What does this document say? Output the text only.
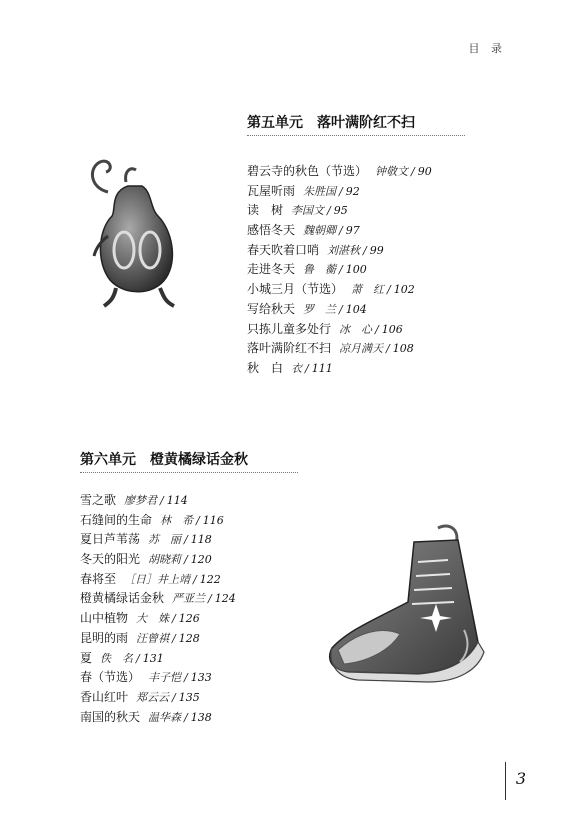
目 录
第五单元 落叶满阶红不扫
碧云寺的秋色（节选） 钟敬文 / 90
瓦屋听雨 朱胜国 / 92
读　树 李国文 / 95
感悟冬天 魏朝卿 / 97
春天吹着口哨 刘湛秋 / 99
走进冬天 鲁　蘅 / 100
小城三月（节选） 萧　红 / 102
写给秋天 罗　兰 / 104
只拣儿童多处行 冰　心 / 106
落叶满阶红不扫 凉月满天 / 108
秋　白 衣 / 111
第六单元 橙黄橘绿话金秋
雪之歌 廖梦君 / 114
石缝间的生命 林　希 / 116
夏日芦苇荡 苏　丽 / 118
冬天的阳光 胡晓莉 / 120
春将至 ［日］井上靖 / 122
橙黄橘绿话金秋 严亚兰 / 124
山中植物 大　姝 / 126
昆明的雨 汪曾祺 / 128
夏 佚　名 / 131
春（节选） 丰子恺 / 133
香山红叶 郑云云 / 135
南国的秋天 温华森 / 138
3
